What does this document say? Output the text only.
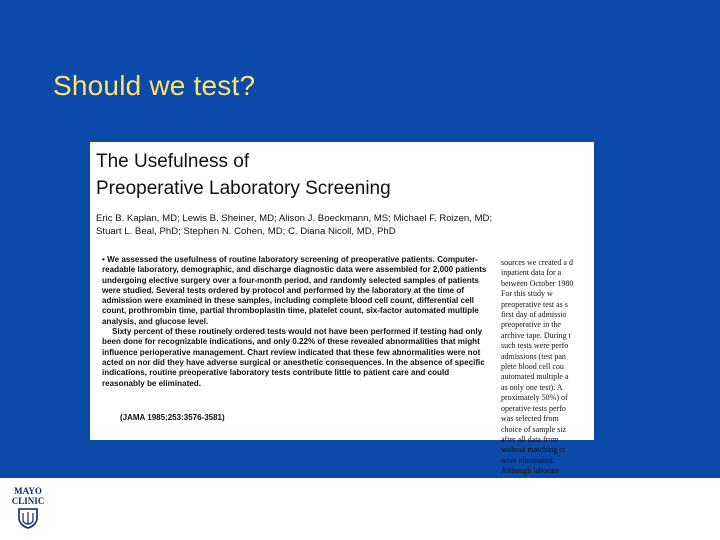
Should we test?
The Usefulness of
Preoperative Laboratory Screening
Eric B. Kaplan, MD; Lewis B. Sheiner, MD; Alison J. Boeckmann, MS; Michael F. Roizen, MD;
Stuart L. Beal, PhD; Stephen N. Cohen, MD; C. Diana Nicoll, MD, PhD

• We assessed the usefulness of routine laboratory screening of preoperative patients. Computer-readable laboratory, demographic, and discharge diagnostic data were assembled for 2,000 patients undergoing elective surgery over a four-month period, and randomly selected samples of patients were studied. Several tests ordered by protocol and performed by the laboratory at the time of admission were examined in these samples, including complete blood cell count, differential cell count, prothrombin time, partial thromboplastin time, platelet count, six-factor automated multiple analysis, and glucose level.

Sixty percent of these routinely ordered tests would not have been performed if testing had only been done for recognizable indications, and only 0.22% of these revealed abnormalities that might influence perioperative management. Chart review indicated that these few abnormalities were not acted on nor did they have adverse surgical or anesthetic consequences. In the absence of specific indications, routine preoperative laboratory tests contribute little to patient care and could reasonably be eliminated.

(JAMA 1985;253:3576-3581)
sources we created a d
inpatient data for a
between October 1980
For this study w
preoperative test as s
first day of admissio
preoperative in the
archive tape. During t
such tests were perfo
admissions (test pan
plete blood cell cou
automated multiple a
as only one test). A
proximately 50%) of
operative tests perfo
was selected from
choice of sample siz
after all data from
without matching cr
were eliminated.
Although laborato
MAYO
CLINIC
